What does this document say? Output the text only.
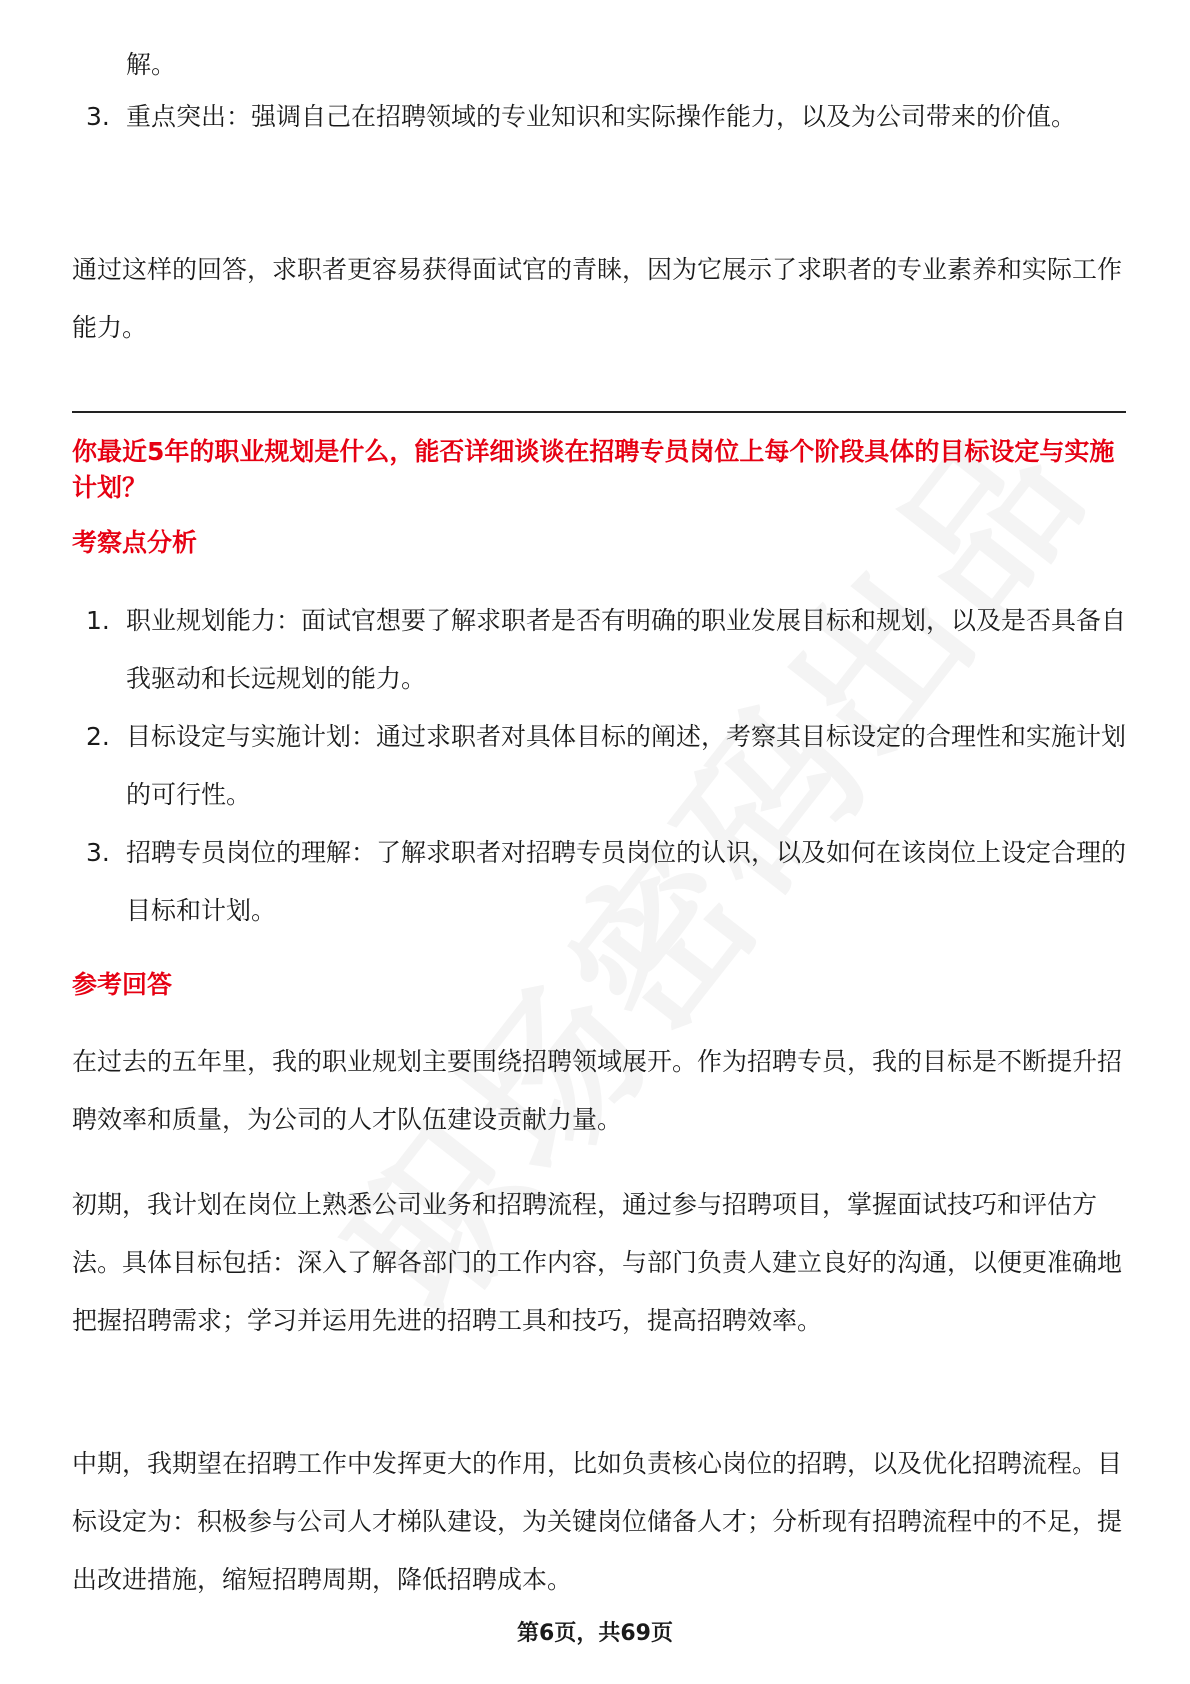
解。
3. 重点突出：强调自己在招聘领域的专业知识和实际操作能力，以及为公司带来的价值。

通过这样的回答，求职者更容易获得面试官的青睐，因为它展示了求职者的专业素养和实际工作能力。

你最近5年的职业规划是什么，能否详细谈谈在招聘专员岗位上每个阶段具体的目标设定与实施计划？

考察点分析

1. 职业规划能力：面试官想要了解求职者是否有明确的职业发展目标和规划，以及是否具备自我驱动和长远规划的能力。
2. 目标设定与实施计划：通过求职者对具体目标的阐述，考察其目标设定的合理性和实施计划的可行性。
3. 招聘专员岗位的理解：了解求职者对招聘专员岗位的认识，以及如何在该岗位上设定合理的目标和计划。

参考回答

在过去的五年里，我的职业规划主要围绕招聘领域展开。作为招聘专员，我的目标是不断提升招聘效率和质量，为公司的人才队伍建设贡献力量。

初期，我计划在岗位上熟悉公司业务和招聘流程，通过参与招聘项目，掌握面试技巧和评估方法。具体目标包括：深入了解各部门的工作内容，与部门负责人建立良好的沟通，以便更准确地把握招聘需求；学习并运用先进的招聘工具和技巧，提高招聘效率。

中期，我期望在招聘工作中发挥更大的作用，比如负责核心岗位的招聘，以及优化招聘流程。目标设定为：积极参与公司人才梯队建设，为关键岗位储备人才；分析现有招聘流程中的不足，提出改进措施，缩短招聘周期，降低招聘成本。

第6页，共69页
